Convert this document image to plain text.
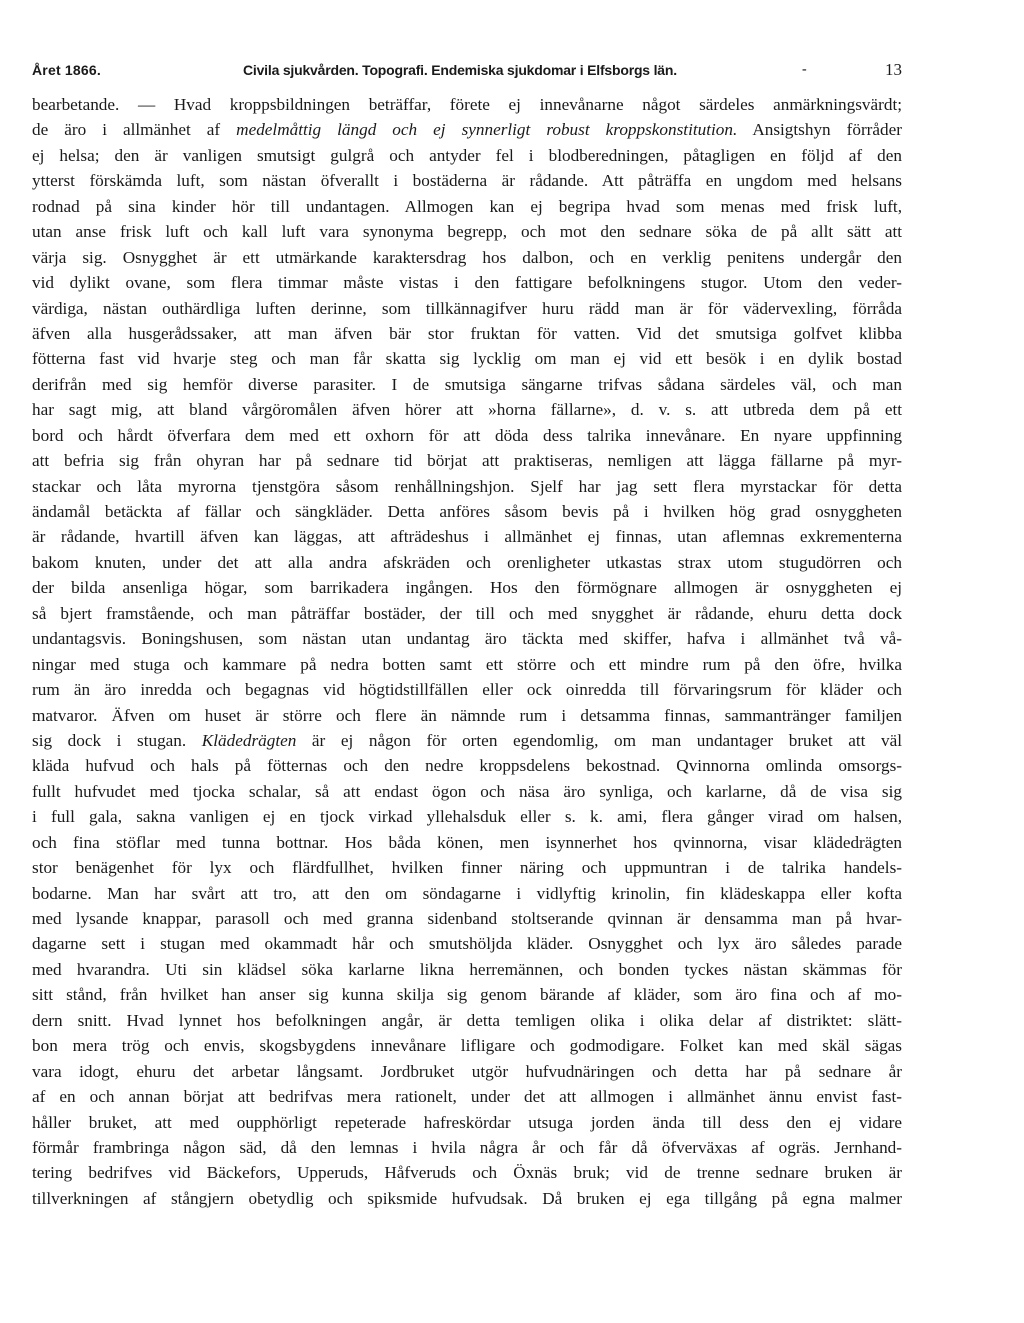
Året 1866.	Civila sjukvården. Topografi. Endemiska sjukdomar i Elfsborgs län.	-	13
bearbetande. — Hvad kroppsbildningen beträffar, förete ej innevånarne något särdeles anmärkningsvärdt;
de äro i allmänhet af medelmåttig längd och ej synnerligt robust kroppskonstitution. Ansigtshyn förråder
ej helsa; den är vanligen smutsigt gulgrå och antyder fel i blodberedningen, påtagligen en följd af den
ytterst förskämda luft, som nästan öfverallt i bostäderna är rådande. Att påträffa en ungdom med helsans
rodnad på sina kinder hör till undantagen. Allmogen kan ej begripa hvad som menas med frisk luft,
utan anse frisk luft och kall luft vara synonyma begrepp, och mot den sednare söka de på allt sätt att
värja sig. Osnygghet är ett utmärkande karaktersdrag hos dalbon, och en verklig penitens undergår den
vid dylikt ovane, som flera timmar måste vistas i den fattigare befolkningens stugor. Utom den veder-
värdiga, nästan outhärdliga luften derinne, som tillkännagifver huru rädd man är för vädervexling, förråda
äfven alla husgerådssaker, att man äfven bär stor fruktan för vatten. Vid det smutsiga golfvet klibba
fötterna fast vid hvarje steg och man får skatta sig lycklig om man ej vid ett besök i en dylik bostad
derifrån med sig hemför diverse parasiter. I de smutsiga sängarne trifvas sådana särdeles väl, och man
har sagt mig, att bland vårgöromålen äfven hörer att »horna fällarne», d. v. s. att utbreda dem på ett
bord och hårdt öfverfara dem med ett oxhorn för att döda dess talrika innevånare. En nyare uppfinning
att befria sig från ohyran har på sednare tid börjat att praktiseras, nemligen att lägga fällarne på myr-
stackar och låta myrorna tjenstgöra såsom renhållningshjon. Sjelf har jag sett flera myrstackar för detta
ändamål betäckta af fällar och sängkläder. Detta anföres såsom bevis på i hvilken hög grad osnyggheten
är rådande, hvartill äfven kan läggas, att afträdeshus i allmänhet ej finnas, utan aflemnas exkrementerna
bakom knuten, under det att alla andra afskräden och orenligheter utkastas strax utom stugudörren och
der bilda ansenliga högar, som barrikadera ingången. Hos den förmögnare allmogen är osnyggheten ej
så bjert framstående, och man påträffar bostäder, der till och med snygghet är rådande, ehuru detta dock
undantagsvis. Boningshusen, som nästan utan undantag äro täckta med skiffer, hafva i allmänhet två vå-
ningar med stuga och kammare på nedra botten samt ett större och ett mindre rum på den öfre, hvilka
rum än äro inredda och begagnas vid högtidstillfällen eller ock oinredda till förvaringsrum för kläder och
matvaror. Äfven om huset är större och flere än nämnde rum i detsamma finnas, sammantränger familjen
sig dock i stugan. Klädedrägten är ej någon för orten egendomlig, om man undantager bruket att väl
kläda hufvud och hals på fötternas och den nedre kroppsdelens bekostnad. Qvinnorna omlinda omsorgs-
fullt hufvudet med tjocka schalar, så att endast ögon och näsa äro synliga, och karlarne, då de visa sig
i full gala, sakna vanligen ej en tjock virkad yllehalsduk eller s. k. ami, flera gånger virad om halsen,
och fina stöflar med tunna bottnar. Hos båda könen, men isynnerhet hos qvinnorna, visar klädedrägten
stor benägenhet för lyx och flärdfullhet, hvilken finner näring och uppmuntran i de talrika handels-
bodarne. Man har svårt att tro, att den om söndagarne i vidlyftig krinolin, fin klädeskappa eller kofta
med lysande knappar, parasoll och med granna sidenband stoltserande qvinnan är densamma man på hvar-
dagarne sett i stugan med okammadt hår och smutshöljda kläder. Osnygghet och lyx äro således parade
med hvarandra. Uti sin klädsel söka karlarne likna herremännen, och bonden tyckes nästan skämmas för
sitt stånd, från hvilket han anser sig kunna skilja sig genom bärande af kläder, som äro fina och af mo-
dern snitt. Hvad lynnet hos befolkningen angår, är detta temligen olika i olika delar af distriktet: slätt-
bon mera trög och envis, skogsbygdens innevånare lifligare och godmodigare. Folket kan med skäl sägas
vara idogt, ehuru det arbetar långsamt. Jordbruket utgör hufvudnäringen och detta har på sednare år
af en och annan börjat att bedrifvas mera rationelt, under det att allmogen i allmänhet ännu envist fast-
håller bruket, att med oupphörligt repeterade hafreskördar utsuga jorden ända till dess den ej vidare
förmår frambringa någon säd, då den lemnas i hvila några år och får då öfverväxas af ogräs. Jernhand-
tering bedrifves vid Bäckefors, Upperuds, Håfveruds och Öxnäs bruk; vid de trenne sednare bruken är
tillverkningen af stångjern obetydlig och spiksmide hufvudsak. Då bruken ej ega tillgång på egna malmer
